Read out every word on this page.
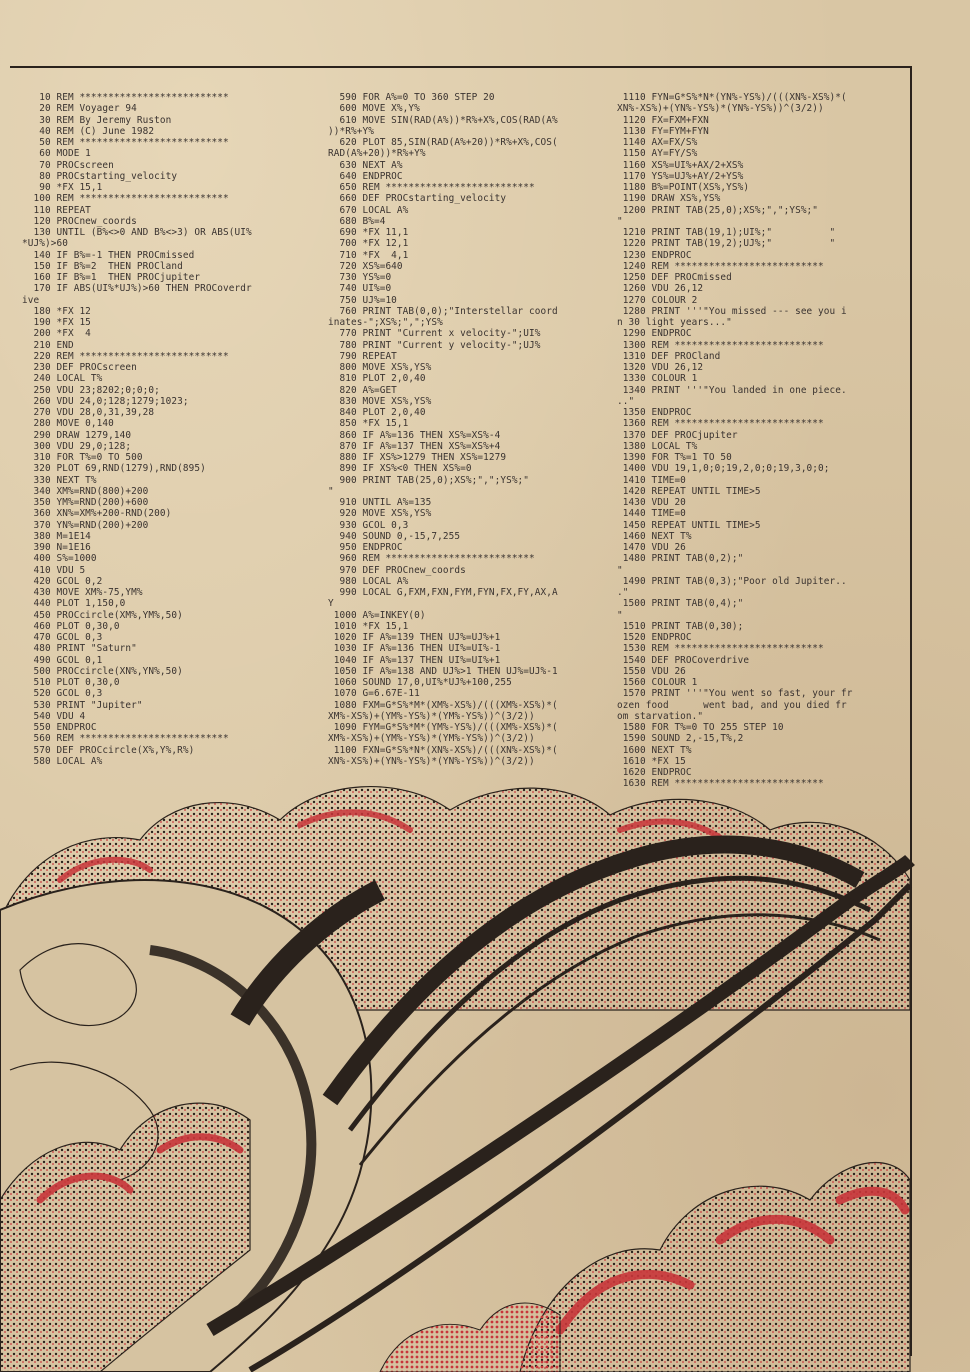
10 REM **************************
20 REM Voyager 94
30 REM By Jeremy Ruston
40 REM (C) June 1982
50 REM **************************
60 MODE 1
70 PROCscreen
80 PROCstarting_velocity
90 *FX 15,1
100 REM **************************
110 REPEAT
120 PROCnew_coords
130 UNTIL (B%<>0 AND B%<>3) OR ABS(UI%
*UJ%)>60
140 IF B%=-1 THEN PROCmissed
150 IF B%=2  THEN PROCland
160 IF B%=1  THEN PROCjupiter
170 IF ABS(UI%*UJ%)>60 THEN PROCoverdr
ive
180 *FX 12
190 *FX 15
200 *FX  4
210 END
220 REM **************************
230 DEF PROCscreen
240 LOCAL T%
250 VDU 23;8202;0;0;0;
260 VDU 24,0;128;1279;1023;
270 VDU 28,0,31,39,28
280 MOVE 0,140
290 DRAW 1279,140
300 VDU 29,0;128;
310 FOR T%=0 TO 500
320 PLOT 69,RND(1279),RND(895)
330 NEXT T%
340 XM%=RND(800)+200
350 YM%=RND(200)+600
360 XN%=XM%+200-RND(200)
370 YN%=RND(200)+200
380 M=1E14
390 N=1E16
400 S%=1000
410 VDU 5
420 GCOL 0,2
430 MOVE XM%-75,YM%
440 PLOT 1,150,0
450 PROCcircle(XM%,YM%,50)
460 PLOT 0,30,0
470 GCOL 0,3
480 PRINT "Saturn"
490 GCOL 0,1
500 PROCcircle(XN%,YN%,50)
510 PLOT 0,30,0
520 GCOL 0,3
530 PRINT "Jupiter"
540 VDU 4
550 ENDPROC
560 REM **************************
570 DEF PROCcircle(X%,Y%,R%)
580 LOCAL A%
590 FOR A%=0 TO 360 STEP 20
600 MOVE X%,Y%
610 MOVE SIN(RAD(A%))*R%+X%,COS(RAD(A%
))*R%+Y%
620 PLOT 85,SIN(RAD(A%+20))*R%+X%,COS(
RAD(A%+20))*R%+Y%
630 NEXT A%
640 ENDPROC
650 REM **************************
660 DEF PROCstarting_velocity
670 LOCAL A%
680 B%=4
690 *FX 11,1
700 *FX 12,1
710 *FX  4,1
720 XS%=640
730 YS%=0
740 UI%=0
750 UJ%=10
760 PRINT TAB(0,0);"Interstellar coord
inates-";XS%;",";YS%
770 PRINT "Current x velocity-";UI%
780 PRINT "Current y velocity-";UJ%
790 REPEAT
800 MOVE XS%,YS%
810 PLOT 2,0,40
820 A%=GET
830 MOVE XS%,YS%
840 PLOT 2,0,40
850 *FX 15,1
860 IF A%=136 THEN XS%=XS%-4
870 IF A%=137 THEN XS%=XS%+4
880 IF XS%>1279 THEN XS%=1279
890 IF XS%<0 THEN XS%=0
900 PRINT TAB(25,0);XS%;",";YS%;"
"
910 UNTIL A%=135
920 MOVE XS%,YS%
930 GCOL 0,3
940 SOUND 0,-15,7,255
950 ENDPROC
960 REM **************************
970 DEF PROCnew_coords
980 LOCAL A%
990 LOCAL G,FXM,FXN,FYM,FYN,FX,FY,AX,A
Y
1000 A%=INKEY(0)
1010 *FX 15,1
1020 IF A%=139 THEN UJ%=UJ%+1
1030 IF A%=136 THEN UI%=UI%-1
1040 IF A%=137 THEN UI%=UI%+1
1050 IF A%=138 AND UJ%>1 THEN UJ%=UJ%-1
1060 SOUND 17,0,UI%*UJ%+100,255
1070 G=6.67E-11
1080 FXM=G*S%*M*(XM%-XS%)/(((XM%-XS%)*(
XM%-XS%)+(YM%-YS%)*(YM%-YS%))^(3/2))
1090 FYM=G*S%*M*(YM%-YS%)/(((XM%-XS%)*(
XM%-XS%)+(YM%-YS%)*(YM%-YS%))^(3/2))
1100 FXN=G*S%*N*(XN%-XS%)/(((XN%-XS%)*(
XN%-XS%)+(YN%-YS%)*(YN%-YS%))^(3/2))
1110 FYN=G*S%*N*(YN%-YS%)/(((XN%-XS%)*(
XN%-XS%)+(YN%-YS%)*(YN%-YS%))^(3/2))
1120 FX=FXM+FXN
1130 FY=FYM+FYN
1140 AX=FX/S%
1150 AY=FY/S%
1160 XS%=UI%+AX/2+XS%
1170 YS%=UJ%+AY/2+YS%
1180 B%=POINT(XS%,YS%)
1190 DRAW XS%,YS%
1200 PRINT TAB(25,0);XS%;",";YS%;"
"
1210 PRINT TAB(19,1);UI%;"          "
1220 PRINT TAB(19,2);UJ%;"          "
1230 ENDPROC
1240 REM **************************
1250 DEF PROCmissed
1260 VDU 26,12
1270 COLOUR 2
1280 PRINT '''"You missed --- see you i
n 30 light years..."
1290 ENDPROC
1300 REM **************************
1310 DEF PROCland
1320 VDU 26,12
1330 COLOUR 1
1340 PRINT '''"You landed in one piece.
.."
1350 ENDPROC
1360 REM **************************
1370 DEF PROCjupiter
1380 LOCAL T%
1390 FOR T%=1 TO 50
1400 VDU 19,1,0;0;19,2,0;0;19,3,0;0;
1410 TIME=0
1420 REPEAT UNTIL TIME>5
1430 VDU 20
1440 TIME=0
1450 REPEAT UNTIL TIME>5
1460 NEXT T%
1470 VDU 26
1480 PRINT TAB(0,2);"
"
1490 PRINT TAB(0,3);"Poor old Jupiter..
."
1500 PRINT TAB(0,4);"
"
1510 PRINT TAB(0,30);
1520 ENDPROC
1530 REM **************************
1540 DEF PROCoverdrive
1550 VDU 26
1560 COLOUR 1
1570 PRINT '''"You went so fast, your fr
ozen food      went bad, and you died fr
om starvation."
1580 FOR T%=0 TO 255 STEP 10
1590 SOUND 2,-15,T%,2
1600 NEXT T%
1610 *FX 15
1620 ENDPROC
1630 REM **************************
